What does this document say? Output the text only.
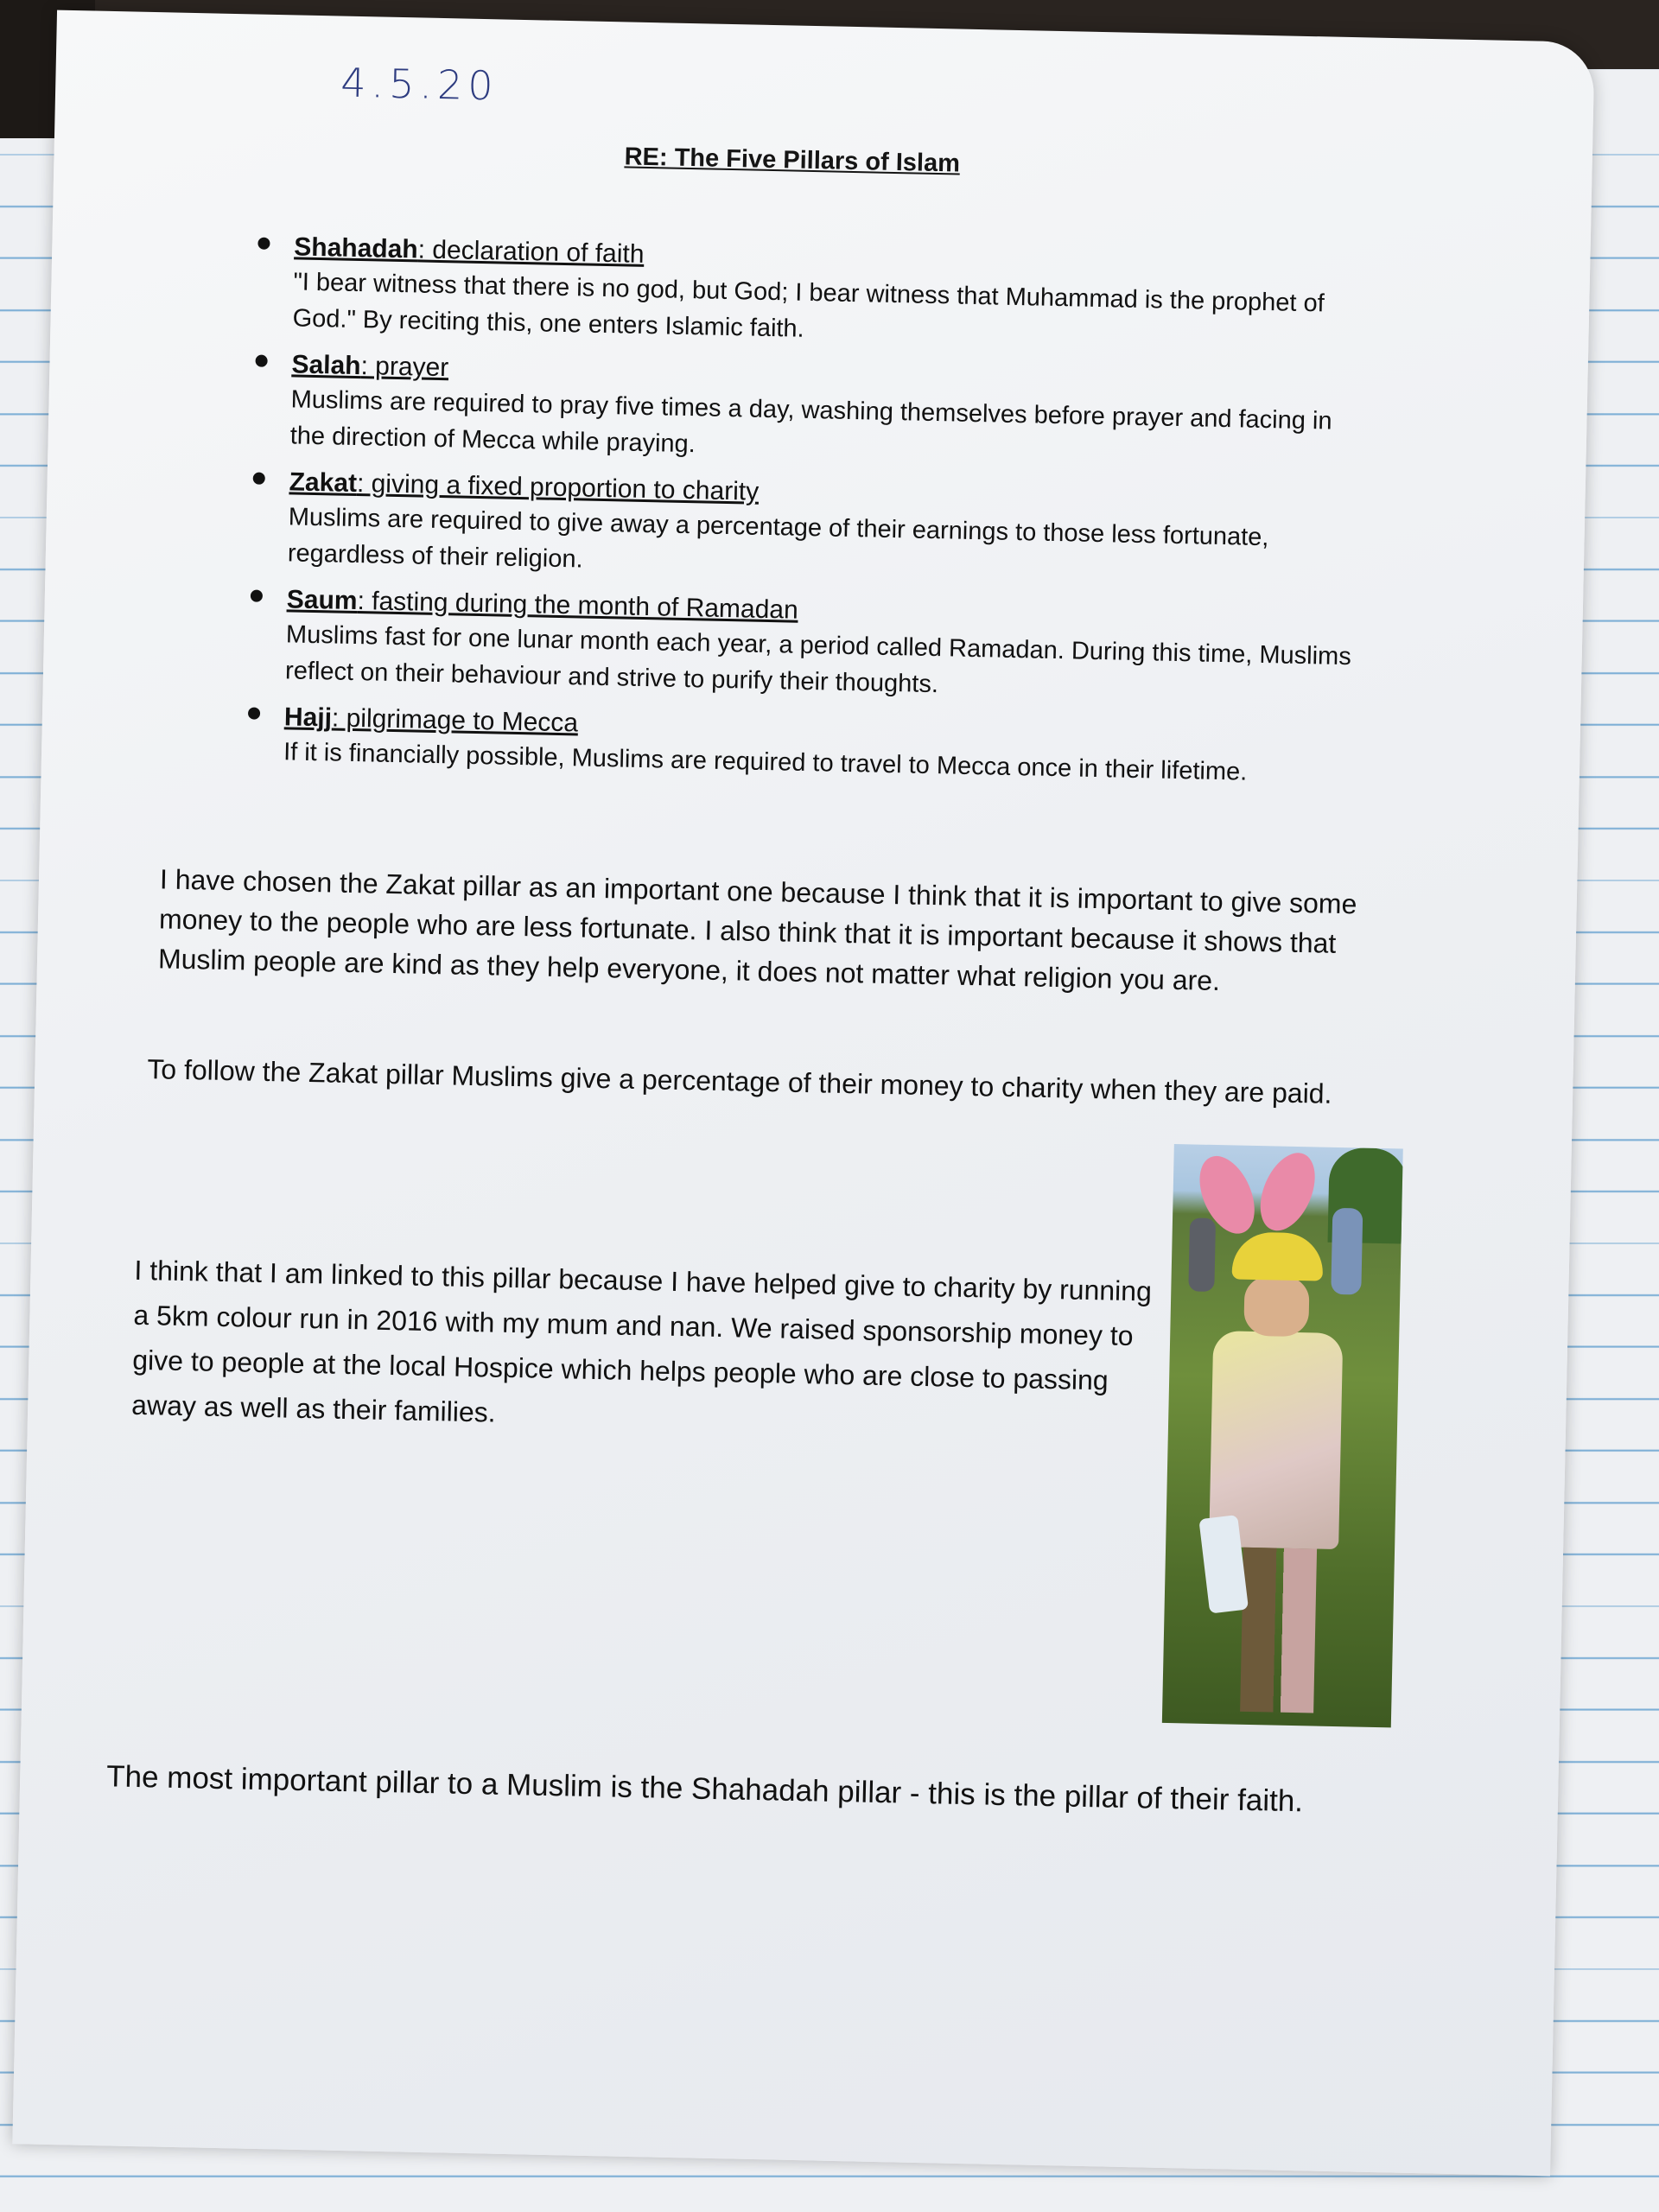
4.5.20
RE: The Five Pillars of Islam
Shahadah: declaration of faith
"I bear witness that there is no god, but God; I bear witness that Muhammad is the prophet of God." By reciting this, one enters Islamic faith.
Salah: prayer
Muslims are required to pray five times a day, washing themselves before prayer and facing in the direction of Mecca while praying.
Zakat: giving a fixed proportion to charity
Muslims are required to give away a percentage of their earnings to those less fortunate, regardless of their religion.
Saum: fasting during the month of Ramadan
Muslims fast for one lunar month each year, a period called Ramadan. During this time, Muslims reflect on their behaviour and strive to purify their thoughts.
Hajj: pilgrimage to Mecca
If it is financially possible, Muslims are required to travel to Mecca once in their lifetime.

I have chosen the Zakat pillar as an important one because I think that it is important to give some money to the people who are less fortunate. I also think that it is important because it shows that Muslim people are kind as they help everyone, it does not matter what religion you are.

To follow the Zakat pillar Muslims give a percentage of their money to charity when they are paid.

I think that I am linked to this pillar because I have helped give to charity by running a 5km colour run in 2016 with my mum and nan. We raised sponsorship money to give to people at the local Hospice which helps people who are close to passing away as well as their families.

The most important pillar to a Muslim is the Shahadah pillar - this is the pillar of their faith.
